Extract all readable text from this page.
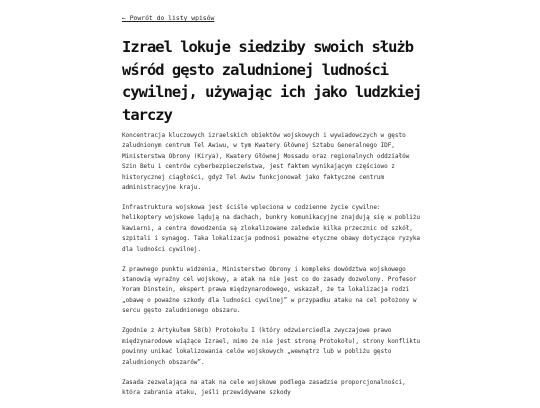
← Powrót do listy wpisów
Izrael lokuje siedziby swoich służb wśród gęsto zaludnionej ludności cywilnej, używając ich jako ludzkiej tarczy

Koncentracja kluczowych izraelskich obiektów wojskowych i wywiadowczych w gęsto zaludnionym centrum Tel Awiwu, w tym Kwatery Głównej Sztabu Generalnego IDF, Ministerstwa Obrony (Kirya), Kwatery Głównej Mossadu oraz regionalnych oddziałów Szin Betu i centrów cyberbezpieczeństwa, jest faktem wynikającym częściowo z historycznej ciągłości, gdyż Tel Awiw funkcjonował jako faktyczne centrum administracyjne kraju.

Infrastruktura wojskowa jest ściśle wpleciona w codzienne życie cywilne: helikoptery wojskowe lądują na dachach, bunkry komunikacyjne znajdują się w pobliżu kawiarni, a centra dowodzenia są zlokalizowane zaledwie kilka przecznic od szkół, szpitali i synagog. Taka lokalizacja podnosi poważne etyczne obawy dotyczące ryzyka dla ludności cywilnej.

Z prawnego punktu widzenia, Ministerstwo Obrony i kompleks dowództwa wojskowego stanowią wyraźny cel wojskowy, a atak na nie jest co do zasady dozwolony. Profesor Yoram Dinstein, ekspert prawa międzynarodowego, wskazał, że ta lokalizacja rodzi „obawę o poważne szkody dla ludności cywilnej” w przypadku ataku na cel położony w sercu gęsto zaludnionego obszaru.

Zgodnie z Artykułem 58(b) Protokołu I (który odzwierciedla zwyczajowe prawo międzynarodowe wiążące Izrael, mimo że nie jest stroną Protokołu), strony konfliktu powinny unikać lokalizowania celów wojskowych „wewnątrz lub w pobliżu gęsto zaludnionych obszarów”.

Zasada zezwalająca na atak na cele wojskowe podlega zasadzie proporcjonalności, która zabrania ataku, jeśli przewidywane szkody
